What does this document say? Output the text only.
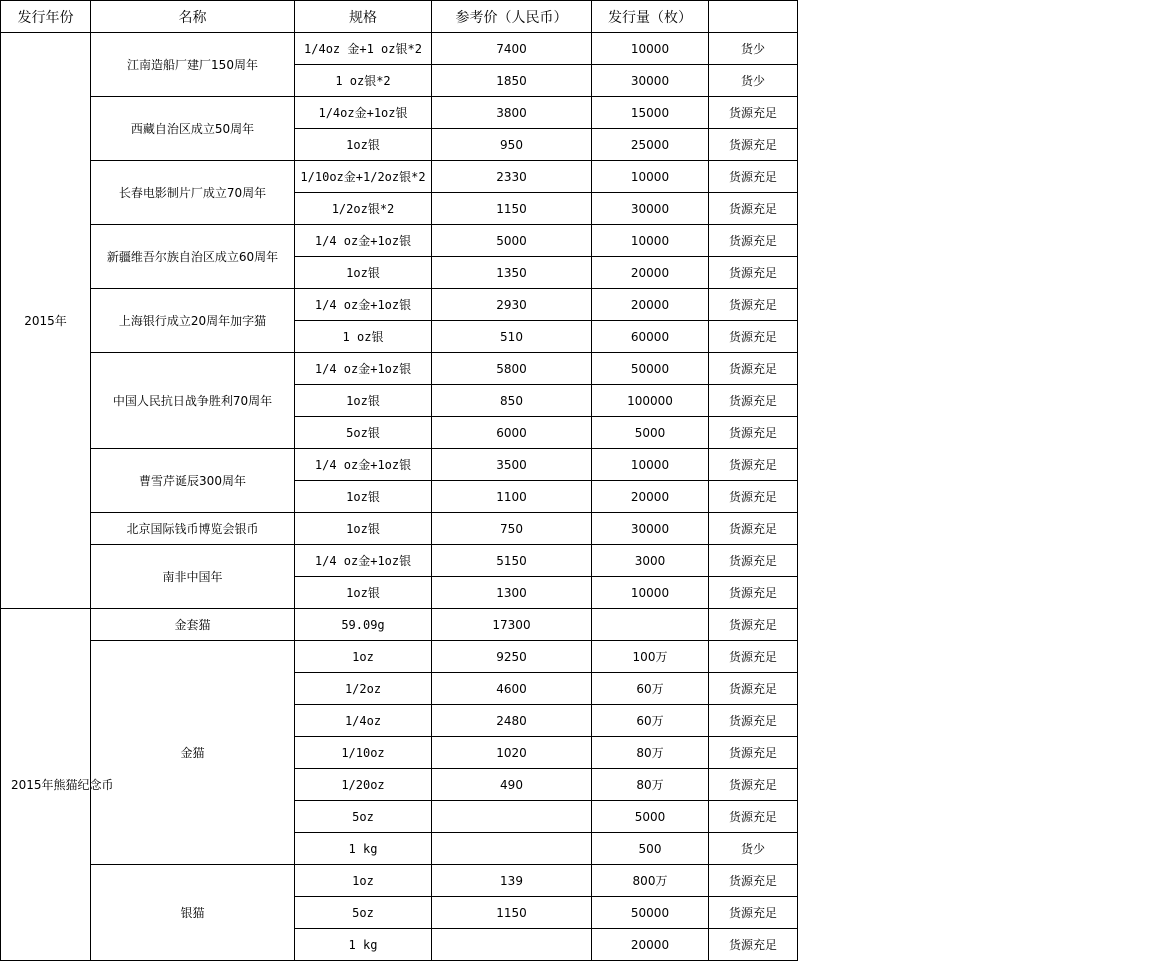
发行年份	名称	规格	参考价（人民币）	发行量（枚）	
2015年	江南造船厂建厂150周年	1/4oz 金+1 oz银*2	7400	10000	货少
		1 oz银*2	1850	30000	货少
	西藏自治区成立50周年	1/4oz金+1oz银	3800	15000	货源充足
		1oz银	950	25000	货源充足
	长春电影制片厂成立70周年	1/10oz金+1/2oz银*2	2330	10000	货源充足
		1/2oz银*2	1150	30000	货源充足
	新疆维吾尔族自治区成立60周年	1/4 oz金+1oz银	5000	10000	货源充足
		1oz银	1350	20000	货源充足
	上海银行成立20周年加字猫	1/4 oz金+1oz银	2930	20000	货源充足
		1 oz银	510	60000	货源充足
	中国人民抗日战争胜利70周年	1/4 oz金+1oz银	5800	50000	货源充足
		1oz银	850	100000	货源充足
		5oz银	6000	5000	货源充足
	曹雪芹诞辰300周年	1/4 oz金+1oz银	3500	10000	货源充足
		1oz银	1100	20000	货源充足
	北京国际钱币博览会银币	1oz银	750	30000	货源充足
	南非中国年	1/4 oz金+1oz银	5150	3000	货源充足
		1oz银	1300	10000	货源充足
2015年熊猫纪念币	金套猫	59.09g	17300		货源充足
	金猫	1oz	9250	100万	货源充足
		1/2oz	4600	60万	货源充足
		1/4oz	2480	60万	货源充足
		1/10oz	1020	80万	货源充足
		1/20oz	490	80万	货源充足
		5oz		5000	货源充足
		1 kg		500	货少
	银猫	1oz	139	800万	货源充足
		5oz	1150	50000	货源充足
		1 kg		20000	货源充足
